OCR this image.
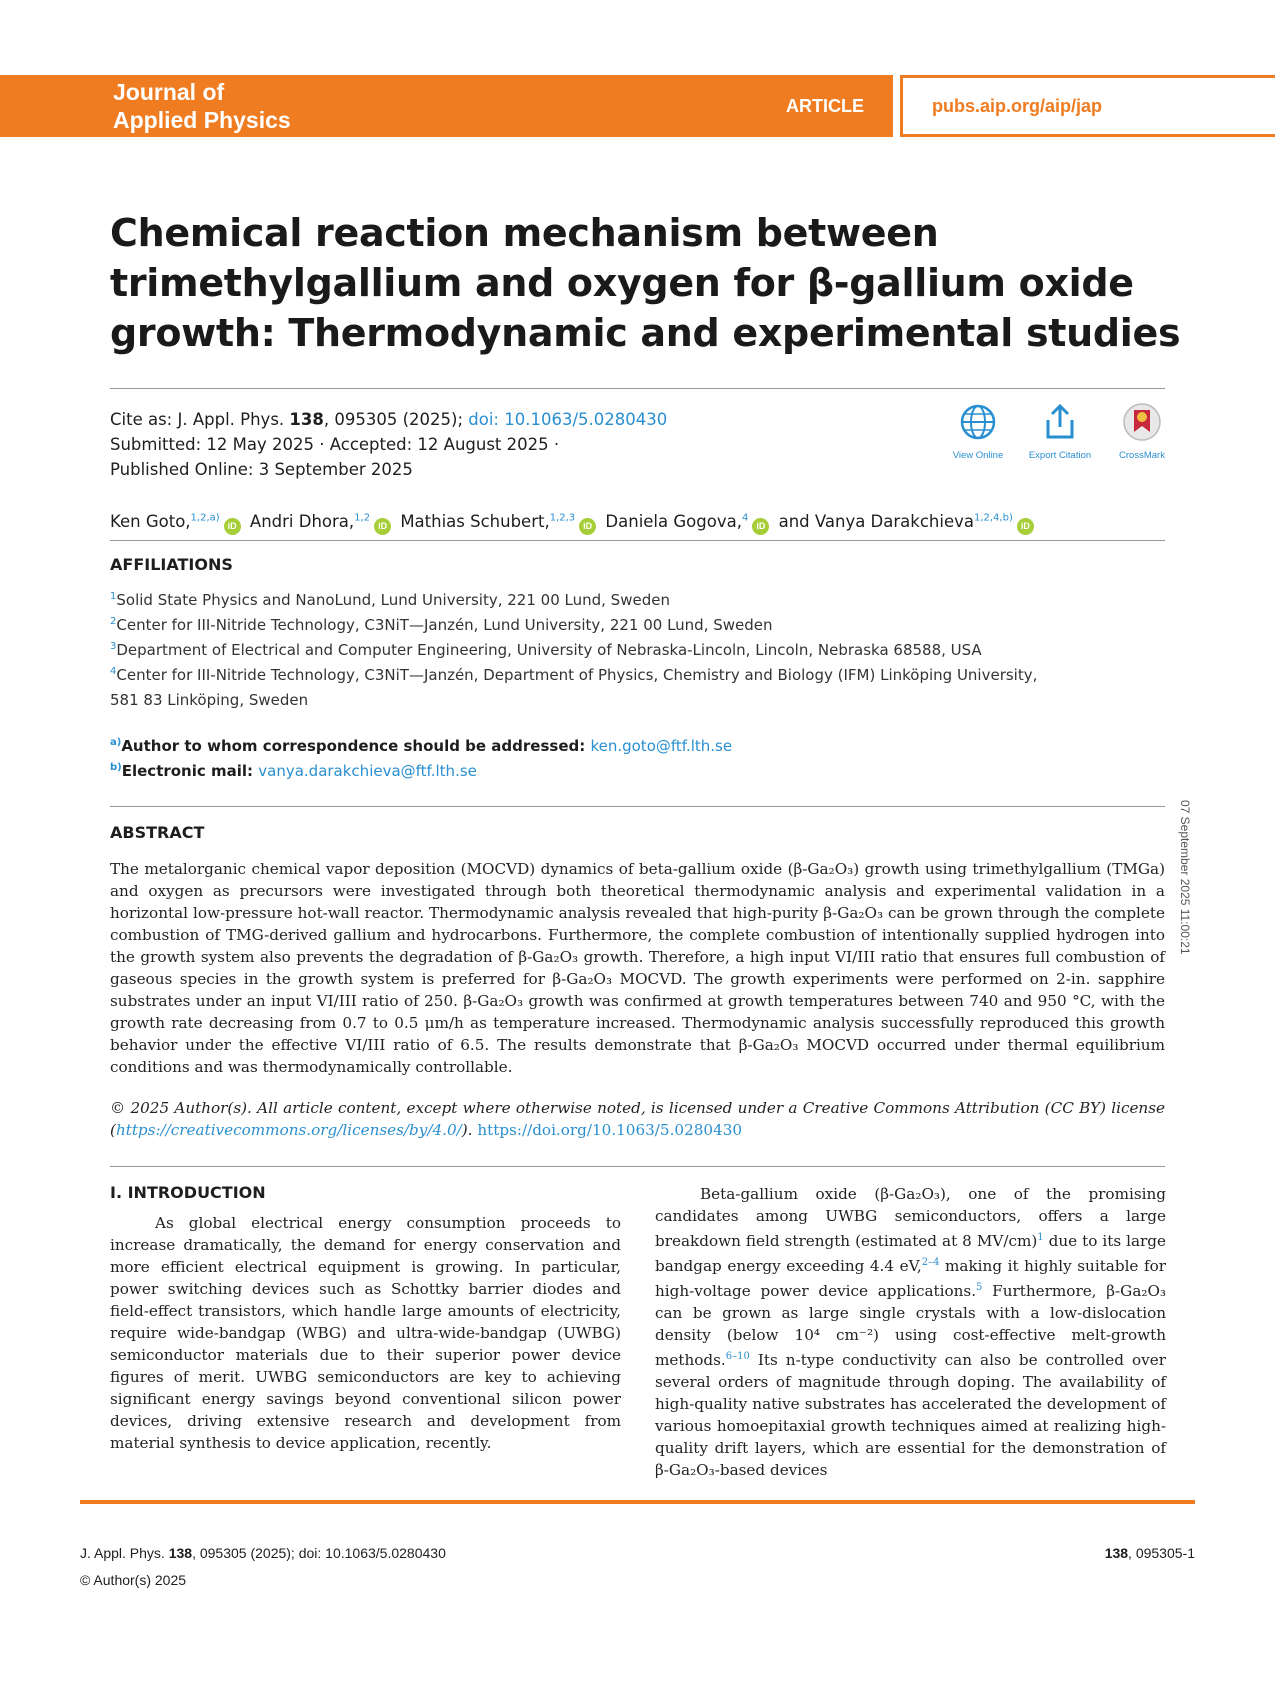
Journal of
Applied Physics
ARTICLE	pubs.aip.org/aip/jap
Chemical reaction mechanism between
trimethylgallium and oxygen for β-gallium oxide
growth: Thermodynamic and experimental studies
Cite as: J. Appl. Phys. 138, 095305 (2025); doi: 10.1063/5.0280430
Submitted: 12 May 2025 · Accepted: 12 August 2025 ·
Published Online: 3 September 2025
View Online	Export Citation	CrossMark
Ken Goto,$^{1,2,a)}$iD Andri Dhora,$^{1,2}$iD Mathias Schubert,$^{1,2,3}$iD Daniela Gogova,$^4$iD and Vanya Darakchieva$^{1,2,4,b)}$iD
AFFILIATIONS
$^1$Solid State Physics and NanoLund, Lund University, 221 00 Lund, Sweden
$^2$Center for III-Nitride Technology, C3NiT—Janzén, Lund University, 221 00 Lund, Sweden
$^3$Department of Electrical and Computer Engineering, University of Nebraska-Lincoln, Lincoln, Nebraska 68588, USA
$^4$Center for III-Nitride Technology, C3NiT—Janzén, Department of Physics, Chemistry and Biology (IFM) Linköping University,
581 83 Linköping, Sweden
$^{a)}$Author to whom correspondence should be addressed: ken.goto@ftf.lth.se
$^{b)}$Electronic mail: vanya.darakchieva@ftf.lth.se
07 September 2025 11:00:21
ABSTRACT
The metalorganic chemical vapor deposition (MOCVD) dynamics of beta-gallium oxide (β-Ga₂O₃) growth using trimethylgallium (TMGa) and oxygen as precursors were investigated through both theoretical thermodynamic analysis and experimental validation in a horizontal low-pressure hot-wall reactor. Thermodynamic analysis revealed that high-purity β-Ga₂O₃ can be grown through the complete combustion of TMG-derived gallium and hydrocarbons. Furthermore, the complete combustion of intentionally supplied hydrogen into the growth system also prevents the degradation of β-Ga₂O₃ growth. Therefore, a high input VI/III ratio that ensures full combustion of gaseous species in the growth system is preferred for β-Ga₂O₃ MOCVD. The growth experiments were performed on 2-in. sapphire substrates under an input VI/III ratio of 250. β-Ga₂O₃ growth was confirmed at growth temperatures between 740 and 950 °C, with the growth rate decreasing from 0.7 to 0.5 μm/h as temperature increased. Thermodynamic analysis successfully reproduced this growth behavior under the effective VI/III ratio of 6.5. The results demonstrate that β-Ga₂O₃ MOCVD occurred under thermal equilibrium conditions and was thermodynamically controllable.
© 2025 Author(s). All article content, except where otherwise noted, is licensed under a Creative Commons Attribution (CC BY) license (https://creativecommons.org/licenses/by/4.0/). https://doi.org/10.1063/5.0280430
I. INTRODUCTION

As global electrical energy consumption proceeds to increase dramatically, the demand for energy conservation and more efficient electrical equipment is growing. In particular, power switching devices such as Schottky barrier diodes and field-effect transistors, which handle large amounts of electricity, require wide-bandgap (WBG) and ultra-wide-bandgap (UWBG) semiconductor materials due to their superior power device figures of merit. UWBG semiconductors are key to achieving significant energy savings beyond conventional silicon power devices, driving extensive research and development from material synthesis to device application, recently.

Beta-gallium oxide (β-Ga₂O₃), one of the promising candidates among UWBG semiconductors, offers a large breakdown field strength (estimated at 8 MV/cm)$^1$ due to its large bandgap energy exceeding 4.4 eV,$^{2-4}$ making it highly suitable for high-voltage power device applications.$^5$ Furthermore, β-Ga₂O₃ can be grown as large single crystals with a low-dislocation density (below 10⁴ cm⁻²) using cost-effective melt-growth methods.$^{6-10}$ Its n-type conductivity can also be controlled over several orders of magnitude through doping. The availability of high-quality native substrates has accelerated the development of various homoepitaxial growth techniques aimed at realizing high-quality drift layers, which are essential for the demonstration of β-Ga₂O₃-based devices

J. Appl. Phys. 138, 095305 (2025); doi: 10.1063/5.0280430
© Author(s) 2025
138, 095305-1
